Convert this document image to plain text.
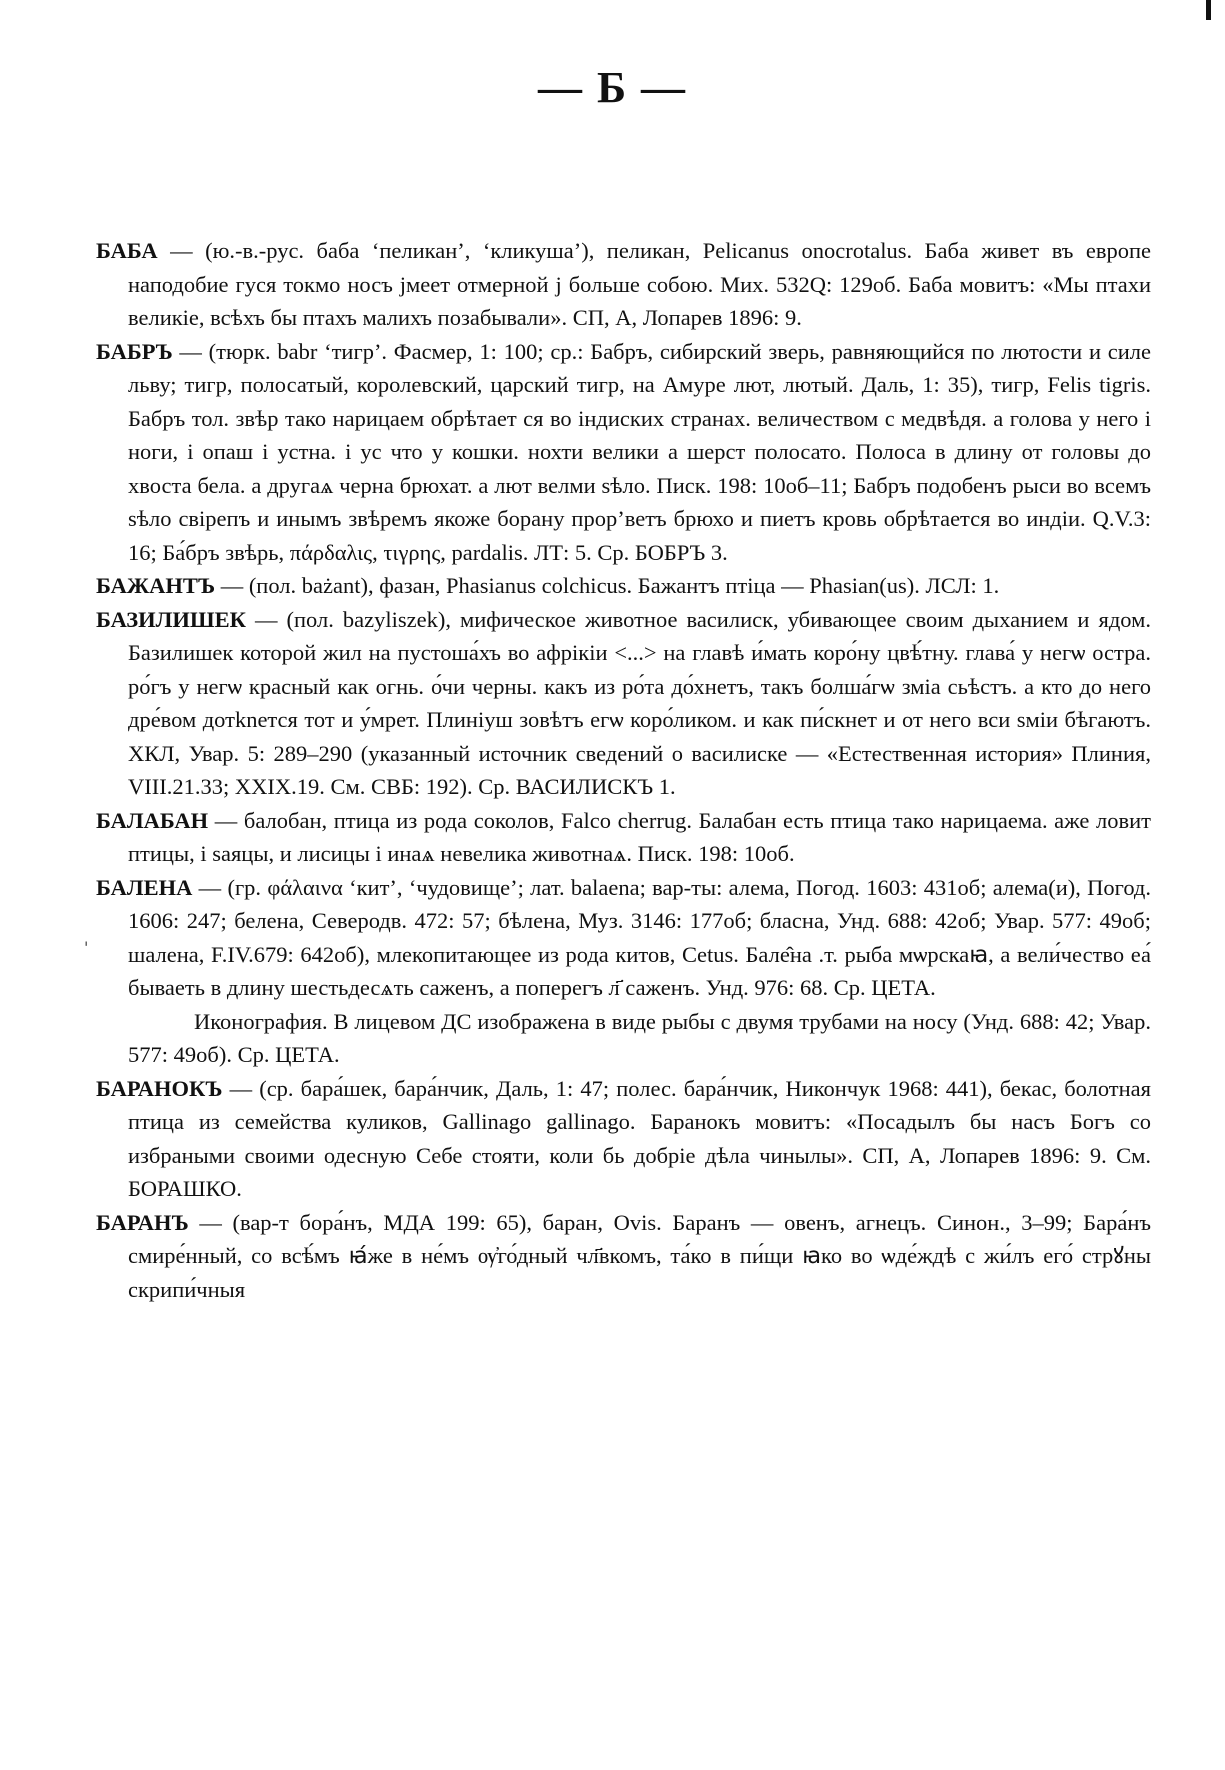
— Б —
'

БАБА — (ю.-в.-рус. баба ‘пеликан’, ‘кликуша’), пеликан, Pelicanus onocrotalus. Баба живет въ европе наподобие гуся токмо носъ јмеет отмерной ј больше собою. Мих. 532Q: 129об. Баба мовитъ: «Мы птахи великіе, всѣхъ бы птахъ малихъ позабывали». СП, А, Лопарев 1896: 9.

БАБРЪ — (тюрк. babr ‘тигр’. Фасмер, 1: 100; ср.: Бабръ, сибирский зверь, равняющийся по лютости и силе льву; тигр, полосатый, королевский, царский тигр, на Амуре лют, лютый. Даль, 1: 35), тигр, Felis tigris. Бабръ тол. звѣр тако нарицаем обрѣтает ся во iндиских странах. величеством с медвѣдя. а голова у него і ноги, і опаш і устна. і ус что у кошки. нохти велики а шерст полосато. Полоса в длину от головы до хвоста бела. а другаѧ черна брюхат. а лют велми ѕѣло. Писк. 198: 10об–11; Бабръ подобенъ рыси во всемъ ѕѣло свірепъ и инымъ звѣремъ якоже борану прор’ветъ брюхо и пиетъ кровь обрѣтается во индіи. Q.V.3: 16; Ба́бръ звѣрь, πάρδαλις, τιγρης, pardalis. ЛТ: 5. Ср. БОБРЪ 3.

БАЖАНТЪ — (пол. bażant), фазан, Phasianus colchicus. Бажантъ птіца — Phasian(us). ЛСЛ: 1.

БАЗИЛИШЕК — (пол. bazyliszek), мифическое животное василиск, убивающее своим дыханием и ядом. Базилишек которой жил на пустоша́хъ во афрікіи <...> на главѣ и́мать коро́ну цвѣ́тну. глава́ у негѡ остра. ро́гъ у негѡ красный как огнь. о́чи черны. какъ из ро́та до́хнетъ, такъ болша́гѡ зміа сьѣстъ. а кто до него дре́вом дотknется тот и у́мрет. Плиніуш зовѣтъ егѡ коро́ликом. и как пи́скнет и от него вси ѕміи бѣгаютъ. ХКЛ, Увар. 5: 289–290 (указанный источник сведений о василиске — «Естественная история» Плиния, VIII.21.33; XXIX.19. См. СВБ: 192). Ср. ВАСИЛИСКЪ 1.

БАЛАБАН — балобан, птица из рода соколов, Falco cherrug. Балабан есть птица тако нарицаема. аже ловит птицы, і ѕаяцы, и лисицы і инаѧ невелика животнаѧ. Писк. 198: 10об.

БАЛЕНА — (гр. φάλαινα ‘кит’, ‘чудовище’; лат. balaena; вар-ты: алема, Погод. 1603: 431об; алема(и), Погод. 1606: 247; белена, Северодв. 472: 57; бѣлена, Муз. 3146: 177об; бласна, Унд. 688: 42об; Увар. 577: 49об; шалена, F.IV.679: 642об), млекопитающее из рода китов, Cetus. Бале̂на .т. рыба мѡрскаꙗ, а вели́чество еа́ бываеть в длину шестьдесѧть саженъ, а поперегъ л҃ саженъ. Унд. 976: 68. Ср. ЦЕТА.

Иконография. В лицевом ДС изображена в виде рыбы с двумя трубами на носу (Унд. 688: 42; Увар. 577: 49об). Ср. ЦЕТА.

БАРАНОКЪ — (ср. бара́шек, бара́нчик, Даль, 1: 47; полес. бара́нчик, Никончук 1968: 441), бекас, болотная птица из семейства куликов, Gallinago gallinago. Баранокъ мовитъ: «Посадылъ бы насъ Богъ со избраными своими одесную Себе стояти, коли бь добріе дѣла чинылы». СП, А, Лопарев 1896: 9. См. БОРАШКО.

БАРАНЪ — (вар-т бора́нъ, МДА 199: 65), баран, Ovis. Баранъ — овенъ, агнецъ. Синон., 3–99; Бара́нъ смире́нный, со всѣ́мъ ꙗ́же в не́мъ ѹ҆го́дный чл҃вкомъ, та́ко в пи́щи ꙗко во ѡде́ждѣ с жи́лъ его́ стрꙋны скрипи́чныя
